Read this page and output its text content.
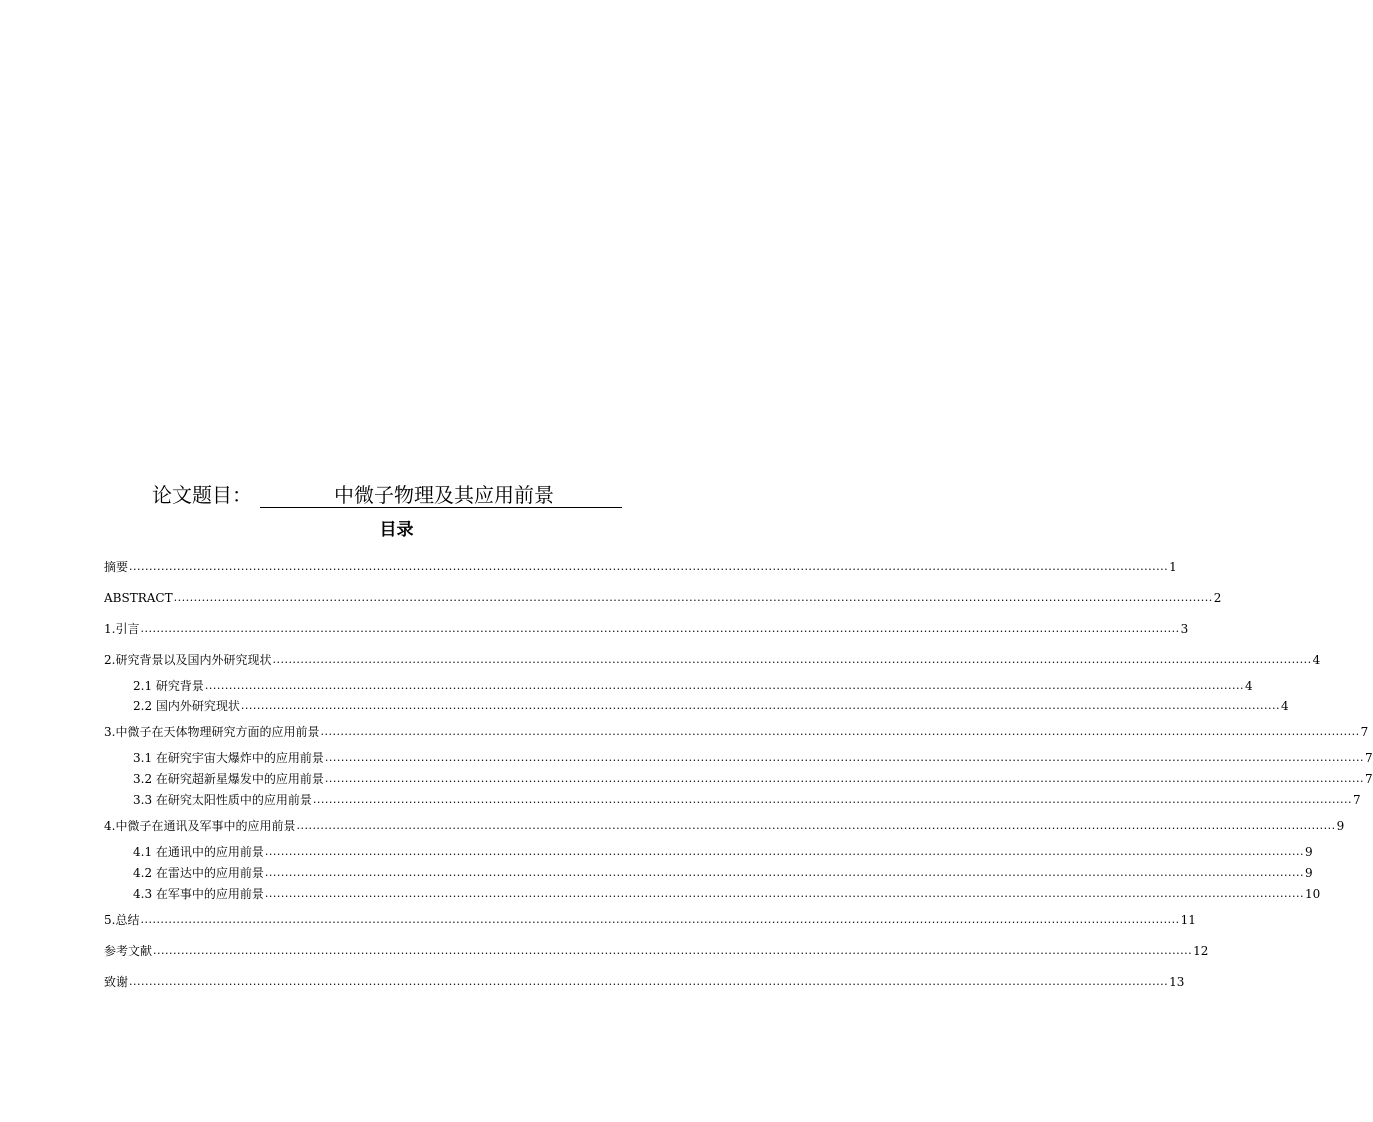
论文题目：	中微子物理及其应用前景
目录
摘要 .................................................................................................................................................................................................................................................................... 1
ABSTRACT .................................................................................................................................................................................................................................................................... 2
1.引言 .................................................................................................................................................................................................................................................................... 3
2.研究背景以及国内外研究现状 .................................................................................................................................................................................................................................................................... 4
2.1 研究背景 .................................................................................................................................................................................................................................................................... 4
2.2 国内外研究现状 .................................................................................................................................................................................................................................................................... 4
3.中微子在天体物理研究方面的应用前景 .................................................................................................................................................................................................................................................................... 7
3.1 在研究宇宙大爆炸中的应用前景 .................................................................................................................................................................................................................................................................... 7
3.2 在研究超新星爆发中的应用前景 .................................................................................................................................................................................................................................................................... 7
3.3 在研究太阳性质中的应用前景 .................................................................................................................................................................................................................................................................... 7
4.中微子在通讯及军事中的应用前景 .................................................................................................................................................................................................................................................................... 9
4.1 在通讯中的应用前景 .................................................................................................................................................................................................................................................................... 9
4.2 在雷达中的应用前景 .................................................................................................................................................................................................................................................................... 9
4.3 在军事中的应用前景 .................................................................................................................................................................................................................................................................... 10
5.总结 .................................................................................................................................................................................................................................................................... 11
参考文献 .................................................................................................................................................................................................................................................................... 12
致谢 .................................................................................................................................................................................................................................................................... 13
